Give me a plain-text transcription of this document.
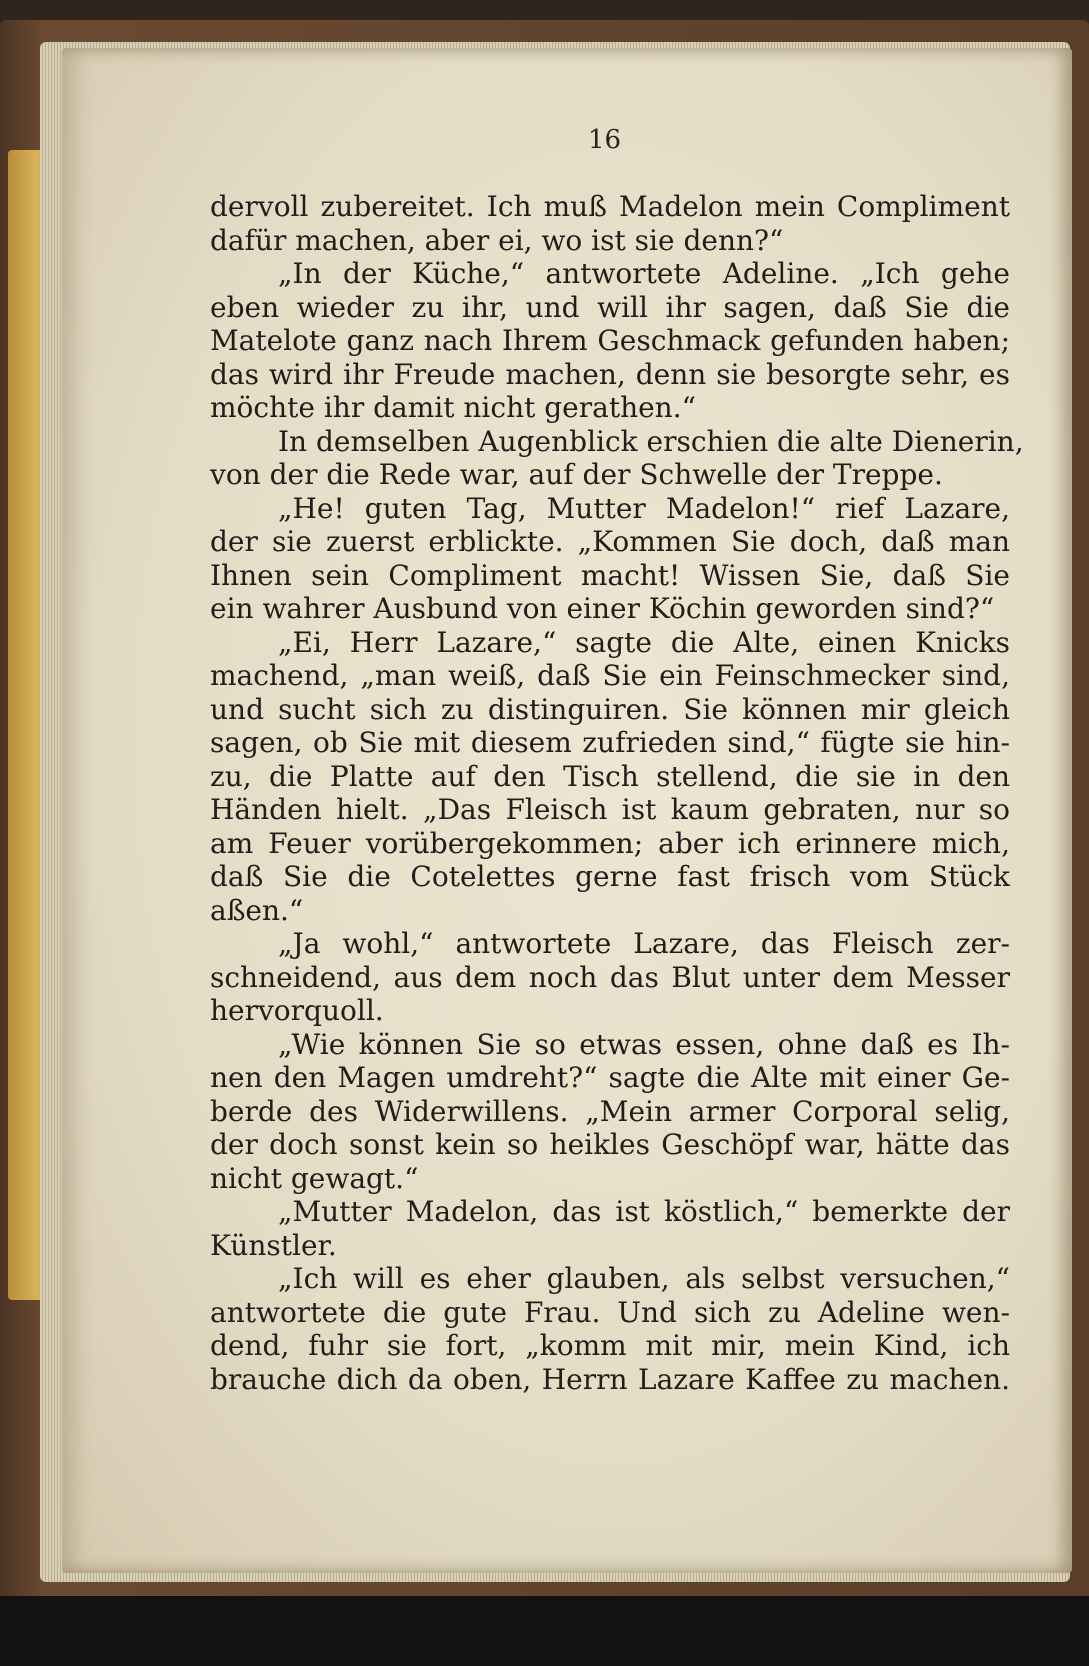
16
dervoll zubereitet. Ich muß Madelon mein Compliment
dafür machen, aber ei, wo ist sie denn?“
„In der Küche,“ antwortete Adeline. „Ich gehe
eben wieder zu ihr, und will ihr sagen, daß Sie die
Matelote ganz nach Ihrem Geschmack gefunden haben;
das wird ihr Freude machen, denn sie besorgte sehr, es
möchte ihr damit nicht gerathen.“
In demselben Augenblick erschien die alte Dienerin,
von der die Rede war, auf der Schwelle der Treppe.
„He! guten Tag, Mutter Madelon!“ rief Lazare,
der sie zuerst erblickte. „Kommen Sie doch, daß man
Ihnen sein Compliment macht! Wissen Sie, daß Sie
ein wahrer Ausbund von einer Köchin geworden sind?“
„Ei, Herr Lazare,“ sagte die Alte, einen Knicks
machend, „man weiß, daß Sie ein Feinschmecker sind,
und sucht sich zu distinguiren. Sie können mir gleich
sagen, ob Sie mit diesem zufrieden sind,“ fügte sie hin-
zu, die Platte auf den Tisch stellend, die sie in den
Händen hielt. „Das Fleisch ist kaum gebraten, nur so
am Feuer vorübergekommen; aber ich erinnere mich,
daß Sie die Cotelettes gerne fast frisch vom Stück
aßen.“
„Ja wohl,“ antwortete Lazare, das Fleisch zer-
schneidend, aus dem noch das Blut unter dem Messer
hervorquoll.
„Wie können Sie so etwas essen, ohne daß es Ih-
nen den Magen umdreht?“ sagte die Alte mit einer Ge-
berde des Widerwillens. „Mein armer Corporal selig,
der doch sonst kein so heikles Geschöpf war, hätte das
nicht gewagt.“
„Mutter Madelon, das ist köstlich,“ bemerkte der
Künstler.
„Ich will es eher glauben, als selbst versuchen,“
antwortete die gute Frau. Und sich zu Adeline wen-
dend, fuhr sie fort, „komm mit mir, mein Kind, ich
brauche dich da oben, Herrn Lazare Kaffee zu machen.
